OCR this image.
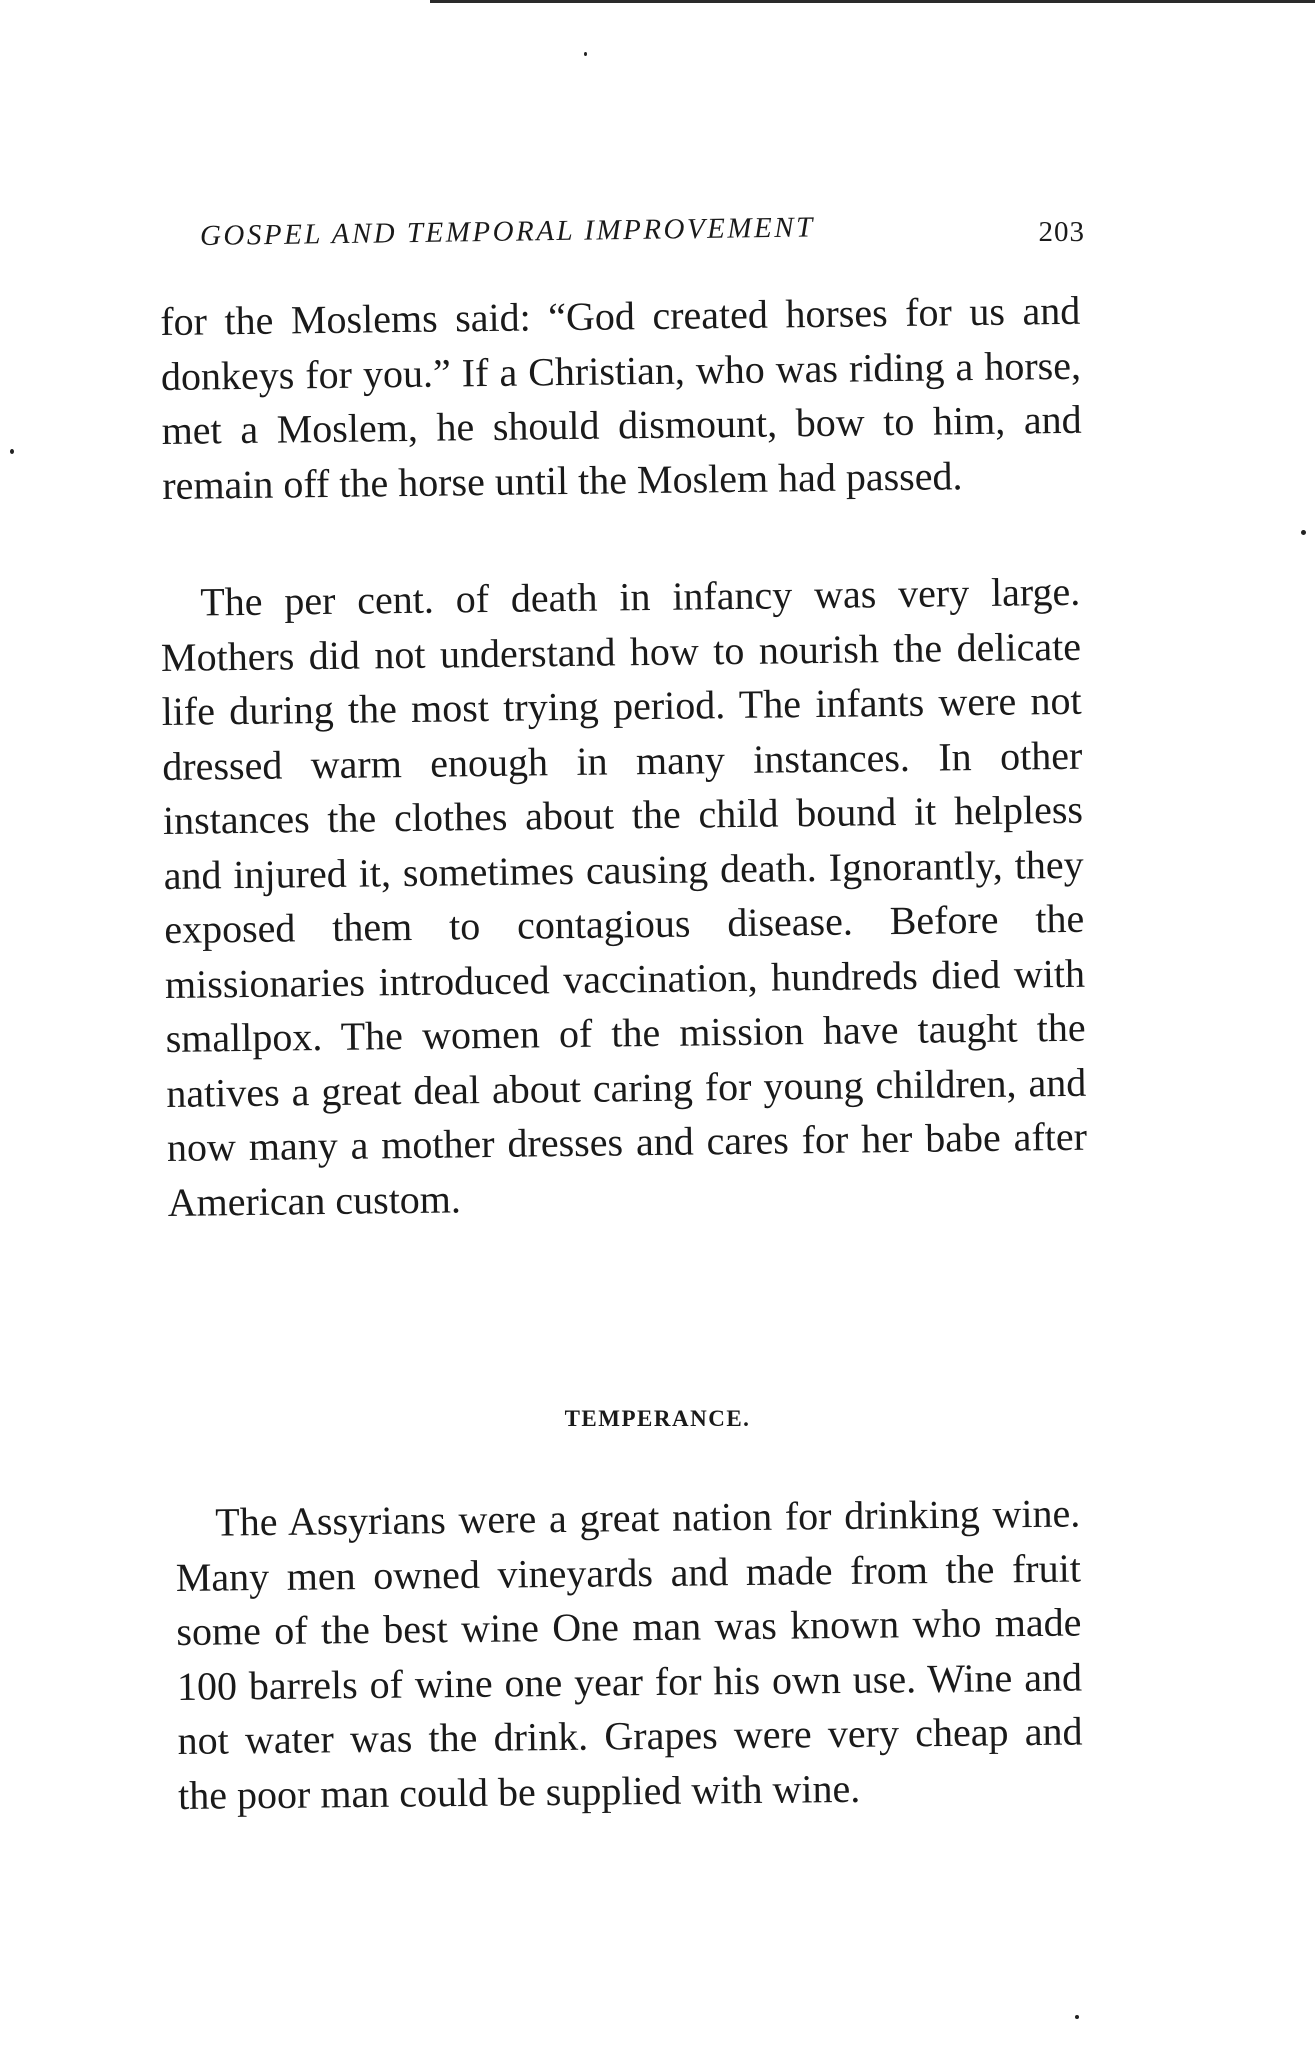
GOSPEL AND TEMPORAL IMPROVEMENT	203

for the Moslems said: “God created horses for us and donkeys for you.” If a Christian, who was riding a horse, met a Moslem, he should dismount, bow to him, and remain off the horse until the Moslem had passed.

The per cent. of death in infancy was very large. Mothers did not understand how to nourish the delicate life during the most trying period. The infants were not dressed warm enough in many instances. In other instances the clothes about the child bound it helpless and injured it, sometimes causing death. Ignorantly, they exposed them to contagious disease. Before the missionaries introduced vaccination, hundreds died with smallpox. The women of the mission have taught the natives a great deal about caring for young children, and now many a mother dresses and cares for her babe after American custom.

TEMPERANCE.

The Assyrians were a great nation for drinking wine. Many men owned vineyards and made from the fruit some of the best wine One man was known who made 100 barrels of wine one year for his own use. Wine and not water was the drink. Grapes were very cheap and the poor man could be supplied with wine.
